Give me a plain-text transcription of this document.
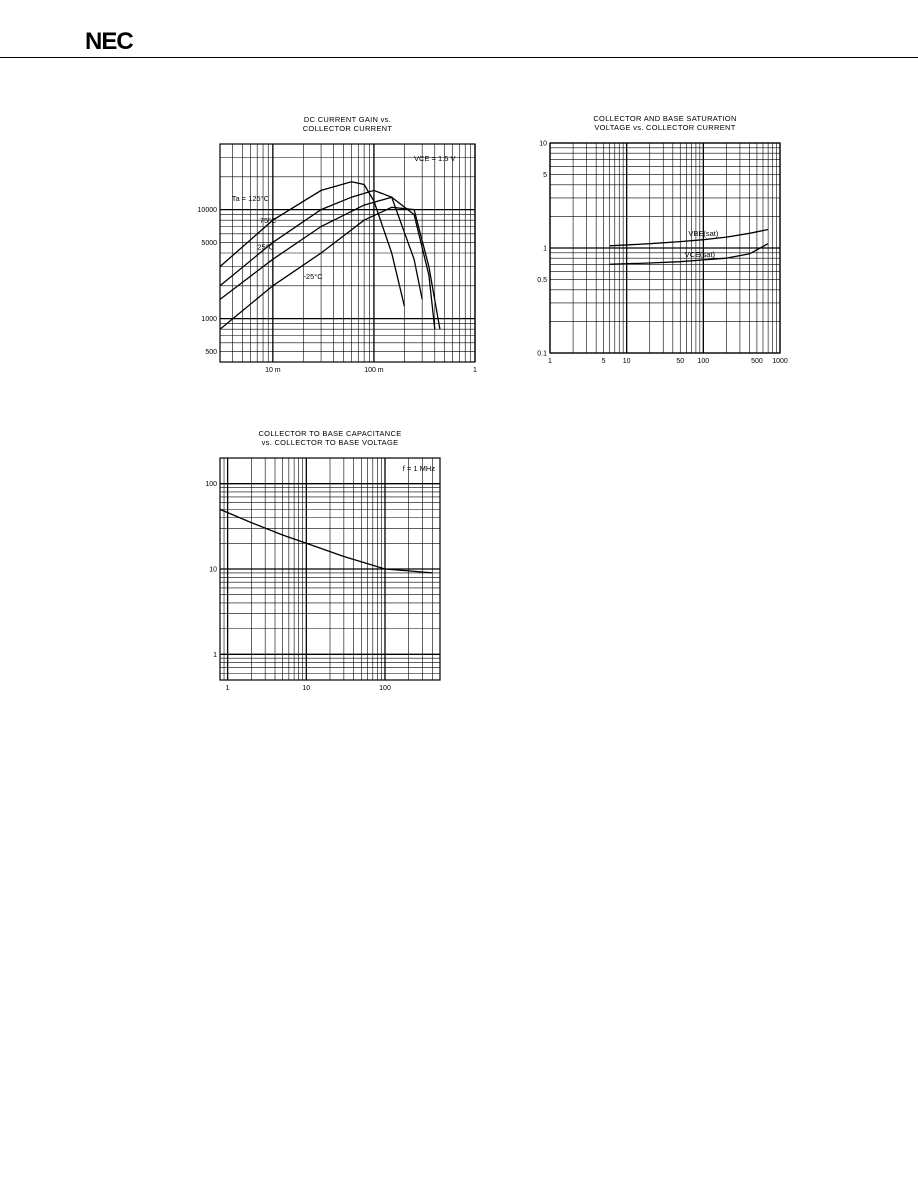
NEC
DC CURRENT GAIN vs.
COLLECTOR CURRENT
10 m	100 m	1
500
1000
5000
10000
VCE = 1.5 V
Ta = 125°C
75°C
25°C
-25°C
COLLECTOR AND BASE SATURATION
VOLTAGE vs. COLLECTOR CURRENT
1	5 10	50 100	500 1000
0.1
0.5
1
5
10
VBE(sat)
VCE(sat)
COLLECTOR TO BASE CAPACITANCE
vs. COLLECTOR TO BASE VOLTAGE
1	10	100
1
10
100
f = 1 MHz
